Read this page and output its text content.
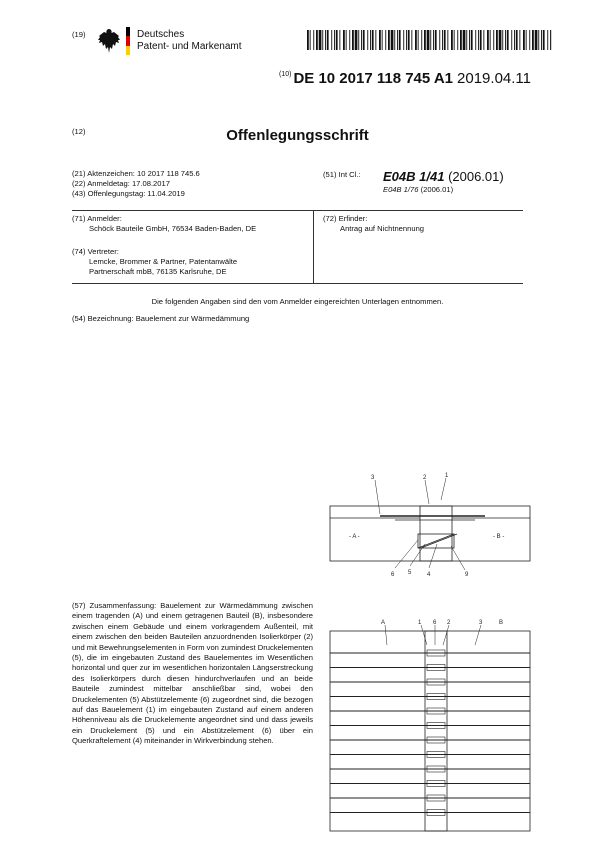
(19)	Deutsches
Patent- und Markenamt
$^{(10)}$ DE 10 2017 118 745 A1 2019.04.11
(12)	Offenlegungsschrift
(21) Aktenzeichen: 10 2017 118 745.6
(22) Anmeldetag: 17.08.2017
(43) Offenlegungstag: 11.04.2019
(51) Int Cl.: E04B 1/41 (2006.01)
E04B 1/76 (2006.01)
(71) Anmelder:
Schöck Bauteile GmbH, 76534 Baden-Baden, DE
(74) Vertreter:
Lemcke, Brommer & Partner, Patentanwälte
Partnerschaft mbB, 76135 Karlsruhe, DE
(72) Erfinder:
Antrag auf Nichtnennung
Die folgenden Angaben sind den vom Anmelder eingereichten Unterlagen entnommen.
(54) Bezeichnung: Bauelement zur Wärmedämmung
3	2	1
- A -	- B -
6 5	4	9
(57) Zusammenfassung: Bauelement zur Wärmedämmung zwischen einem tragenden (A) und einem getragenen Bauteil (B), insbesondere zwischen einem Gebäude und einem vorkragendem Außenteil, mit einem zwischen den beiden Bauteilen anzuordnenden Isolierkörper (2) und mit Bewehrungselementen in Form von zumindest Druckelementen (5), die im eingebauten Zustand des Bauelementes im Wesentlichen horizontal und quer zur im wesentlichen horizontalen Längserstreckung des Isolierkörpers durch diesen hindurchverlaufen und an beide Bauteile zumindest mittelbar anschließbar sind, wobei den Druckelementen (5) Abstützelemente (6) zugeordnet sind, die bezogen auf das Bauelement (1) im eingebauten Zustand auf einem anderen Höhenniveau als die Druckelemente angeordnet sind und dass jeweils ein Druckelement (5) und ein Abstützelement (6) über ein Querkraftelement (4) miteinander in Wirkverbindung stehen.
A	1 6 2	3	B
